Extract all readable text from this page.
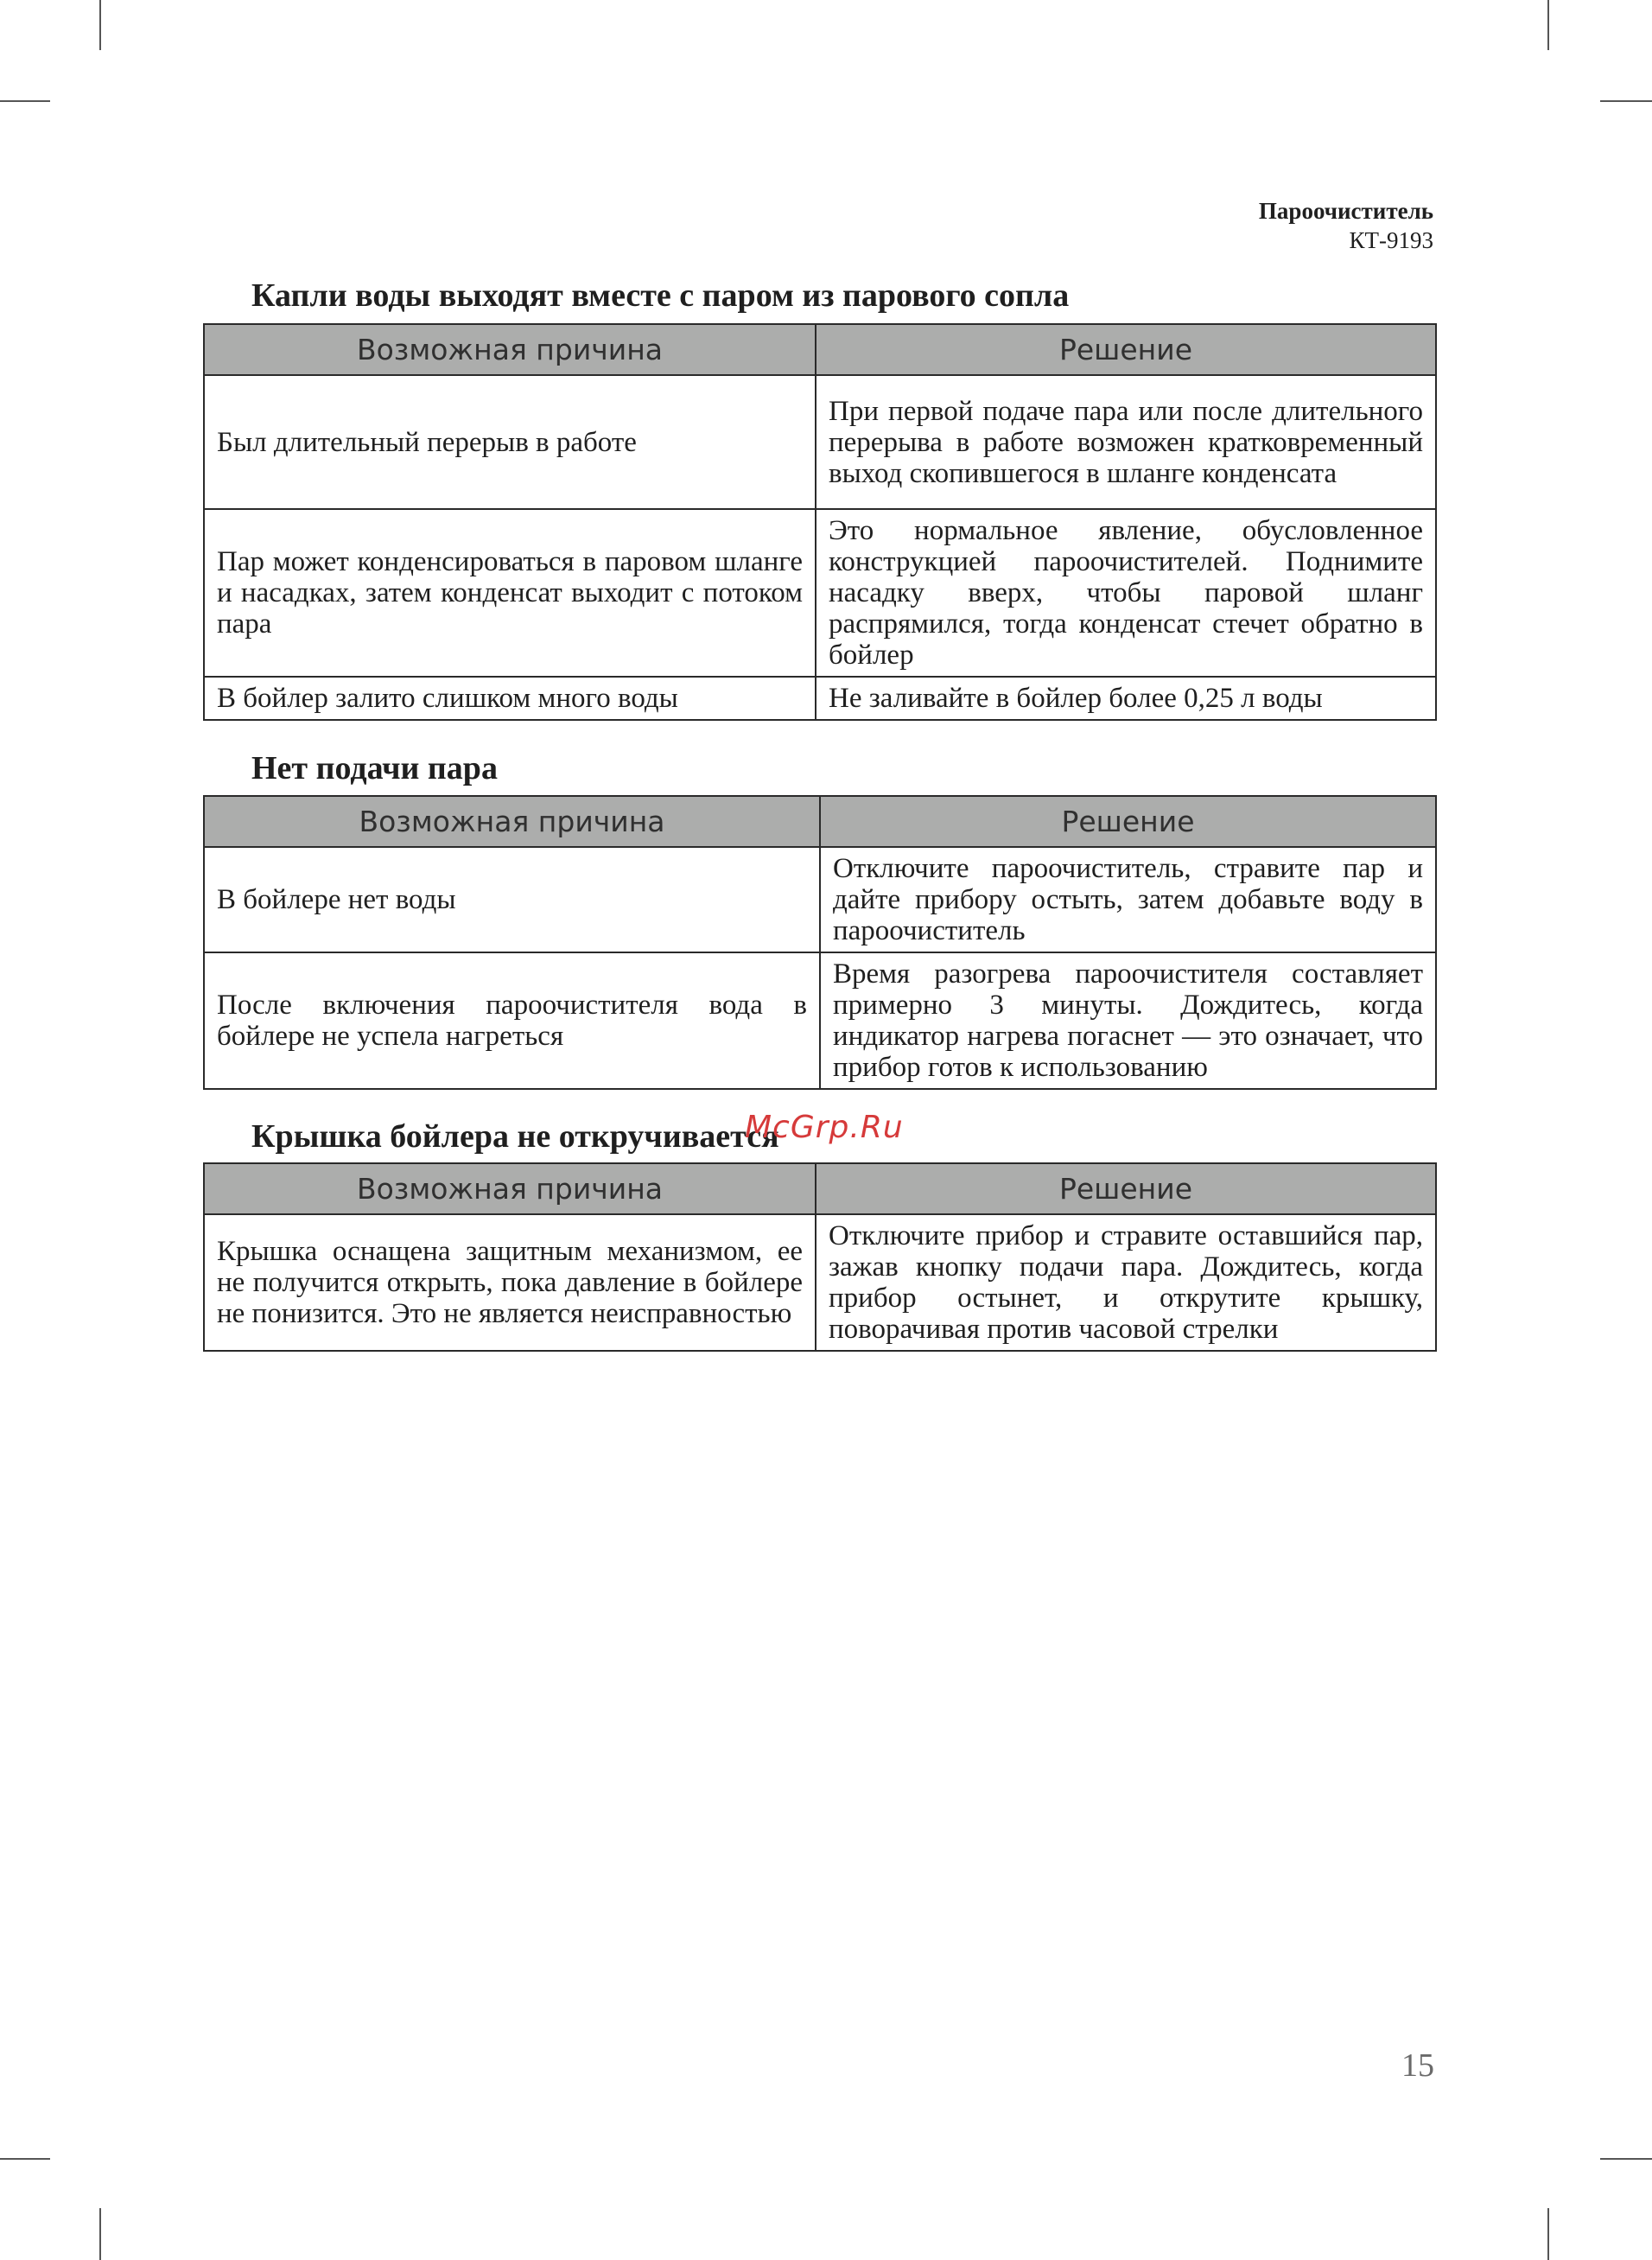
Пароочиститель
КТ-9193
Капли воды выходят вместе с паром из парового сопла
Возможная причина	Решение
Был длительный перерыв в работе	При первой подаче пара или после длительного перерыва в работе возможен кратковременный выход скопившегося в шланге конденсата
Пар может конденсироваться в паровом шланге и насадках, затем конденсат выходит с потоком пара	Это нормальное явление, обусловленное конструкцией пароочистителей. Поднимите насадку вверх, чтобы паровой шланг распрямился, тогда конденсат стечет обратно в бойлер
В бойлер залито слишком много воды	Не заливайте в бойлер более 0,25 л воды
Нет подачи пара
Возможная причина	Решение
В бойлере нет воды	Отключите пароочиститель, стравите пар и дайте прибору остыть, затем добавьте воду в пароочиститель
После включения пароочистителя вода в бойлере не успела нагреться	Время разогрева пароочистителя составляет примерно 3 минуты. Дождитесь, когда индикатор нагрева погаснет — это означает, что прибор готов к использованию
Крышка бойлера не откручивается
McGrp.Ru
Возможная причина	Решение
Крышка оснащена защитным механизмом, ее не получится открыть, пока давление в бойлере не понизится. Это не является неисправностью	Отключите прибор и стравите оставшийся пар, зажав кнопку подачи пара. Дождитесь, когда прибор остынет, и открутите крышку, поворачивая против часовой стрелки
15
